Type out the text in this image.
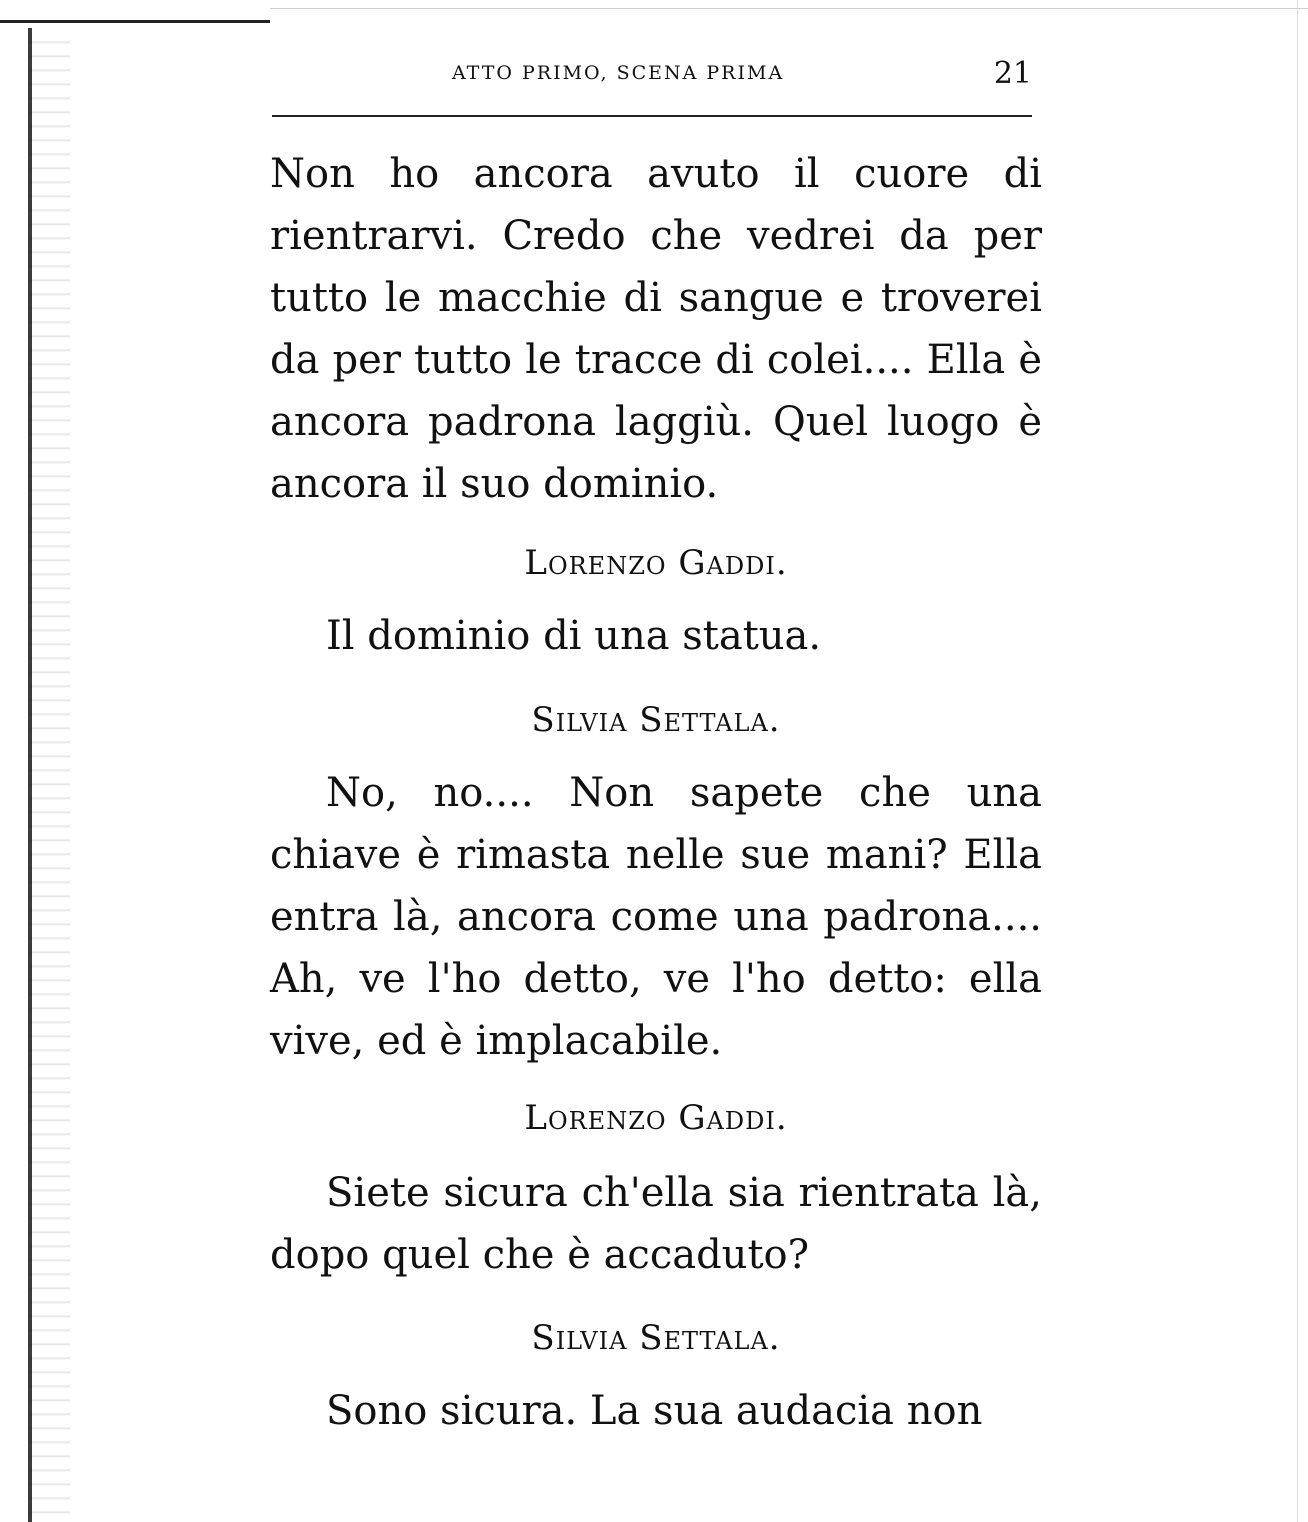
ATTO PRIMO, SCENA PRIMA	21
Non ho ancora avuto il cuore di rientrarvi. Credo che vedrei da per tutto le macchie di sangue e troverei da per tutto le tracce di colei.... Ella è ancora padrona laggiù. Quel luogo è ancora il suo dominio.
Lorenzo Gaddi.
Il dominio di una statua.
Silvia Settala.
No, no.... Non sapete che una chiave è rimasta nelle sue mani? Ella entra là, ancora come una padrona.... Ah, ve l'ho detto, ve l'ho detto: ella vive, ed è implacabile.
Lorenzo Gaddi.
Siete sicura ch'ella sia rientrata là, dopo quel che è accaduto?
Silvia Settala.
Sono sicura. La sua audacia non
